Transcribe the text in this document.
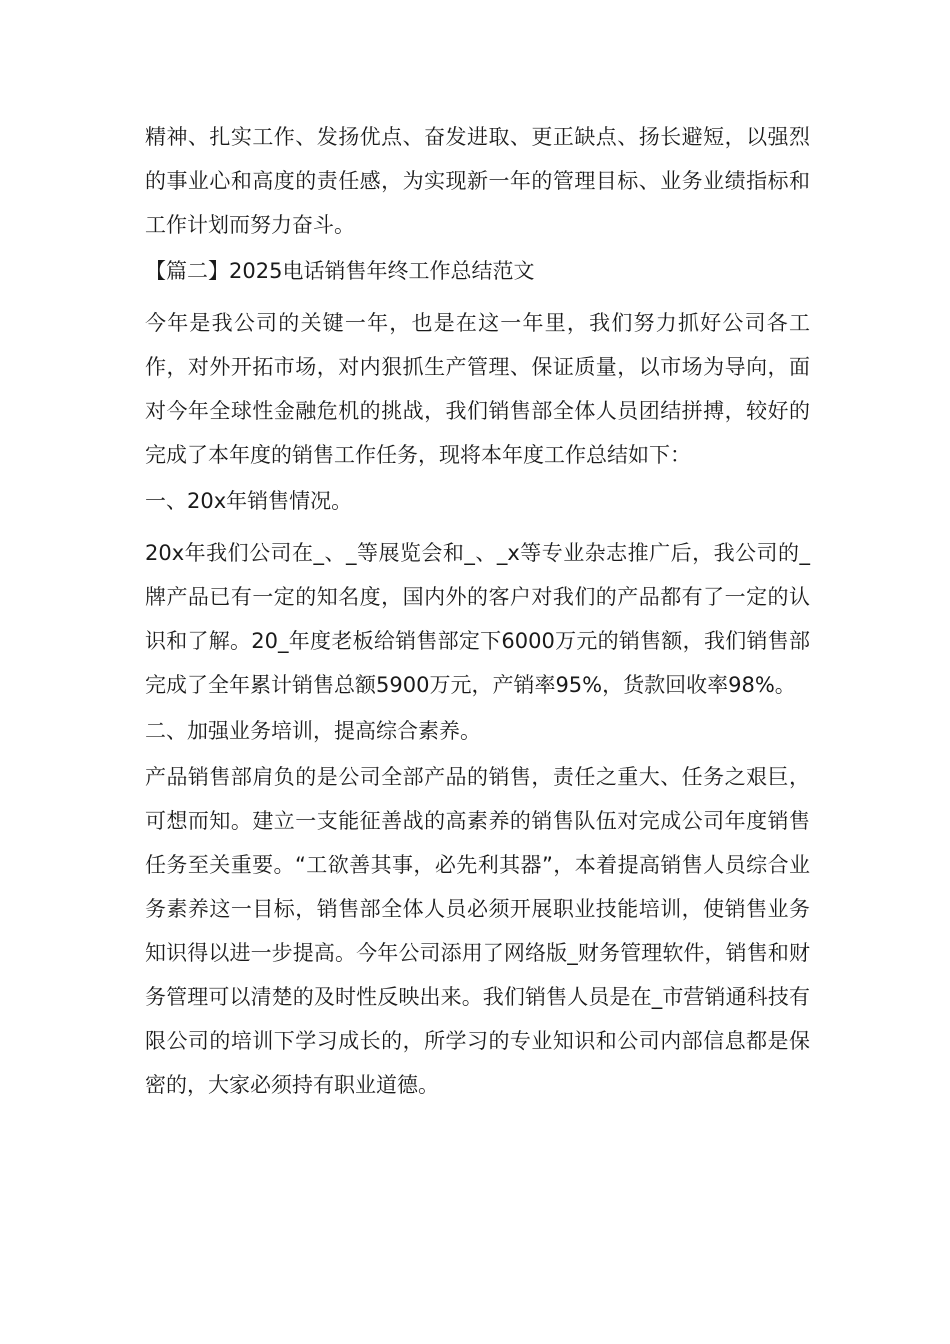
精神、扎实工作、发扬优点、奋发进取、更正缺点、扬长避短，以强烈的事业心和高度的责任感，为实现新一年的管理目标、业务业绩指标和工作计划而努力奋斗。

【篇二】2025电话销售年终工作总结范文

今年是我公司的关键一年，也是在这一年里，我们努力抓好公司各工作，对外开拓市场，对内狠抓生产管理、保证质量，以市场为导向，面对今年全球性金融危机的挑战，我们销售部全体人员团结拼搏，较好的完成了本年度的销售工作任务，现将本年度工作总结如下：

一、20x年销售情况。

20x年我们公司在_、_等展览会和_、_x等专业杂志推广后，我公司的_牌产品已有一定的知名度，国内外的客户对我们的产品都有了一定的认识和了解。20_年度老板给销售部定下6000万元的销售额，我们销售部完成了全年累计销售总额5900万元，产销率95%，货款回收率98%。

二、加强业务培训，提高综合素养。

产品销售部肩负的是公司全部产品的销售，责任之重大、任务之艰巨，可想而知。建立一支能征善战的高素养的销售队伍对完成公司年度销售任务至关重要。“工欲善其事，必先利其器”，本着提高销售人员综合业务素养这一目标，销售部全体人员必须开展职业技能培训，使销售业务知识得以进一步提高。今年公司添用了网络版_财务管理软件，销售和财务管理可以清楚的及时性反映出来。我们销售人员是在_市营销通科技有限公司的培训下学习成长的，所学习的专业知识和公司内部信息都是保密的，大家必须持有职业道德。
